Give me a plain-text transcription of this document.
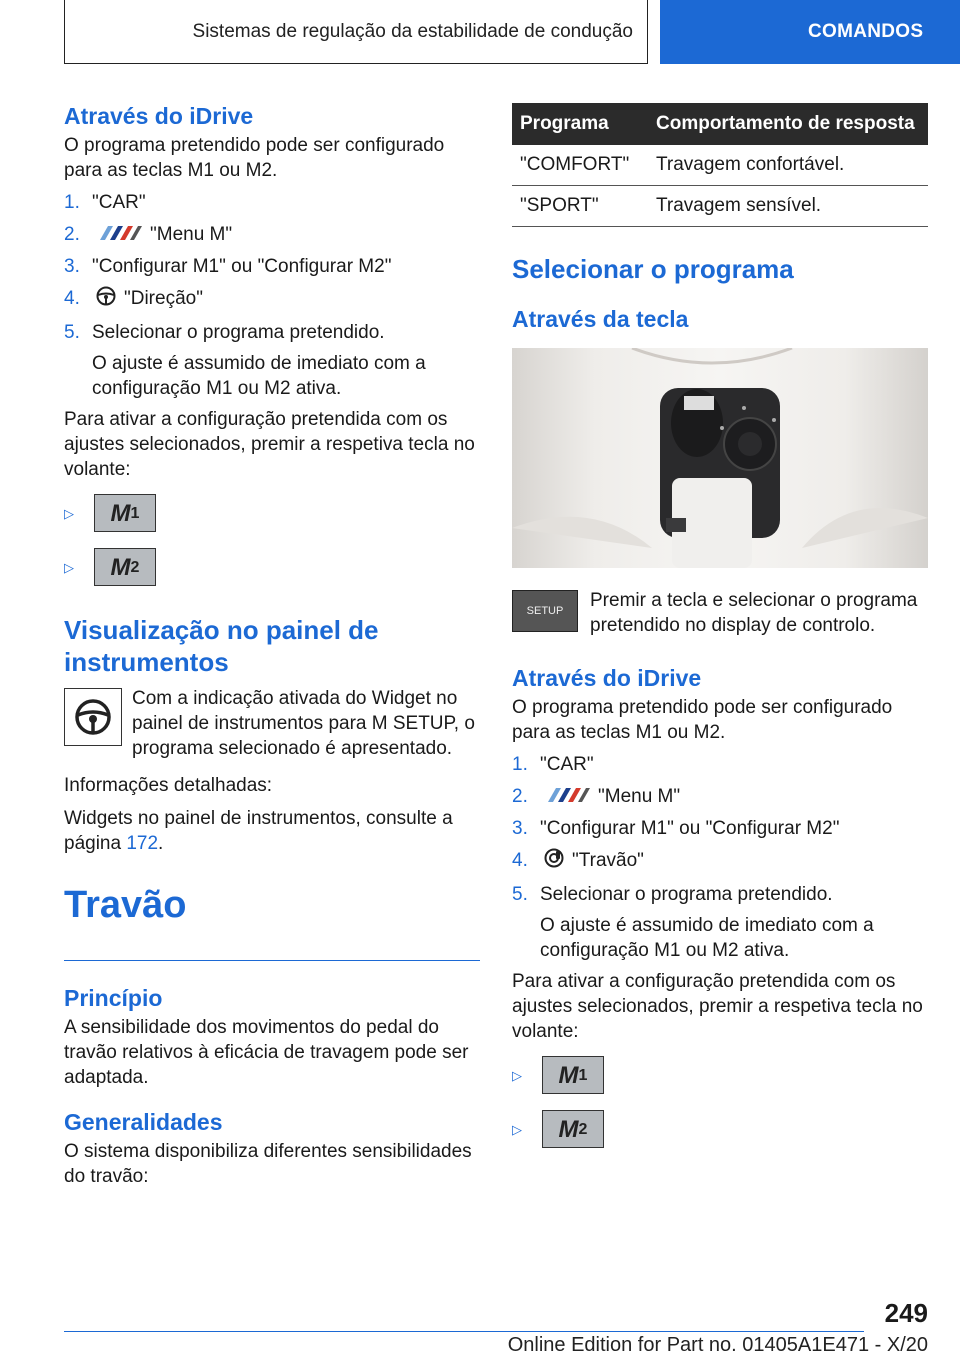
Sistemas de regulação da estabilidade de condução	COMANDOS
Através do iDrive

O programa pretendido pode ser configurado para as teclas M1 ou M2.

1. "CAR"
2.	"Menu M"
3. "Configurar M1" ou "Configurar M2"
4.	"Direção"
5. Selecionar o programa pretendido.

O ajuste é assumido de imediato com a configuração M1 ou M2 ativa.

Para ativar a configuração pretendida com os ajustes selecionados, premir a respetiva tecla no volante:

▷	M 1
▷	M 2
Visualização no painel de instrumentos

Com a indicação ativada do Widget no painel de instrumentos para M SETUP, o programa selecionado é apresentado.

Informações detalhadas:

Widgets no painel de instrumentos, consulte a página 172.

Travão
Princípio

A sensibilidade dos movimentos do pedal do travão relativos à eficácia de travagem pode ser adaptada.

Generalidades

O sistema disponibiliza diferentes sensibilidades do travão:

Programa	Comportamento de resposta
"COMFORT"	Travagem confortável.
"SPORT"	Travagem sensível.
Selecionar o programa
Através da tecla
SETUP Premir a tecla e selecionar o programa pretendido no display de controlo.

Através do iDrive

O programa pretendido pode ser configurado para as teclas M1 ou M2.

1. "CAR"
2.	"Menu M"
3. "Configurar M1" ou "Configurar M2"
4.	"Travão"
5. Selecionar o programa pretendido.

O ajuste é assumido de imediato com a configuração M1 ou M2 ativa.

Para ativar a configuração pretendida com os ajustes selecionados, premir a respetiva tecla no volante:

▷	M 1
▷	M 2
249
Online Edition for Part no. 01405A1E471 - X/20
